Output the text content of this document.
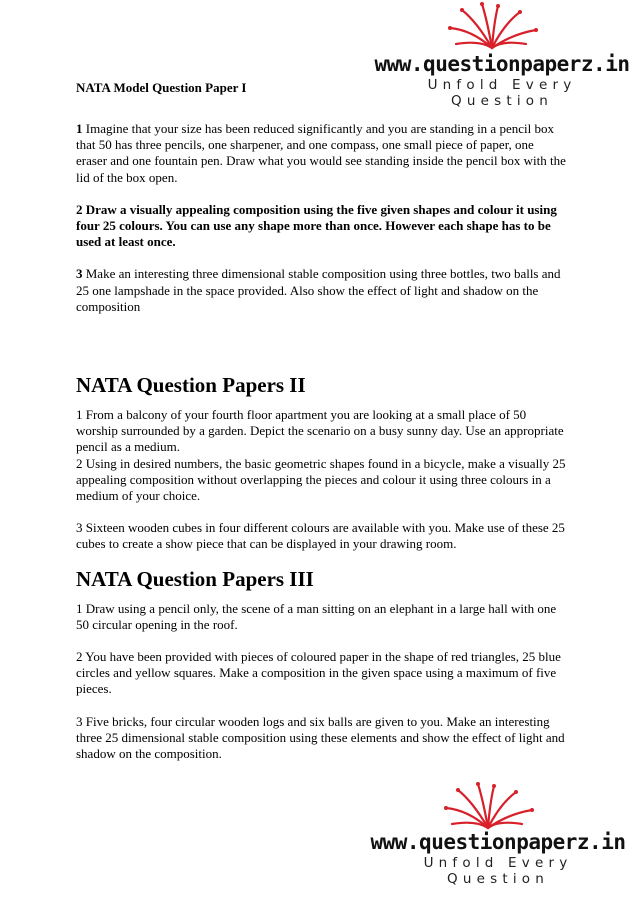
www.questionpaperz.in
Unfold Every Question
NATA Model Question Paper I

1 Imagine that your size has been reduced significantly and you are standing in a pencil box that 50 has three pencils, one sharpener, and one compass, one small piece of paper, one eraser and one fountain pen. Draw what you would see standing inside the pencil box with the lid of the box open.

2 Draw a visually appealing composition using the five given shapes and colour it using four 25 colours. You can use any shape more than once. However each shape has to be used at least once.

3 Make an interesting three dimensional stable composition using three bottles, two balls and 25 one lampshade in the space provided. Also show the effect of light and shadow on the composition

NATA Question Papers II

1 From a balcony of your fourth floor apartment you are looking at a small place of 50 worship surrounded by a garden. Depict the scenario on a busy sunny day. Use an appropriate pencil as a medium.

2 Using in desired numbers, the basic geometric shapes found in a bicycle, make a visually 25 appealing composition without overlapping the pieces and colour it using three colours in a medium of your choice.

3 Sixteen wooden cubes in four different colours are available with you. Make use of these 25 cubes to create a show piece that can be displayed in your drawing room.

NATA Question Papers III

1 Draw using a pencil only, the scene of a man sitting on an elephant in a large hall with one 50 circular opening in the roof.

2 You have been provided with pieces of coloured paper in the shape of red triangles, 25 blue circles and yellow squares. Make a composition in the given space using a maximum of five pieces.

3 Five bricks, four circular wooden logs and six balls are given to you. Make an interesting three 25 dimensional stable composition using these elements and show the effect of light and shadow on the composition.

www.questionpaperz.in
Unfold Every Question
